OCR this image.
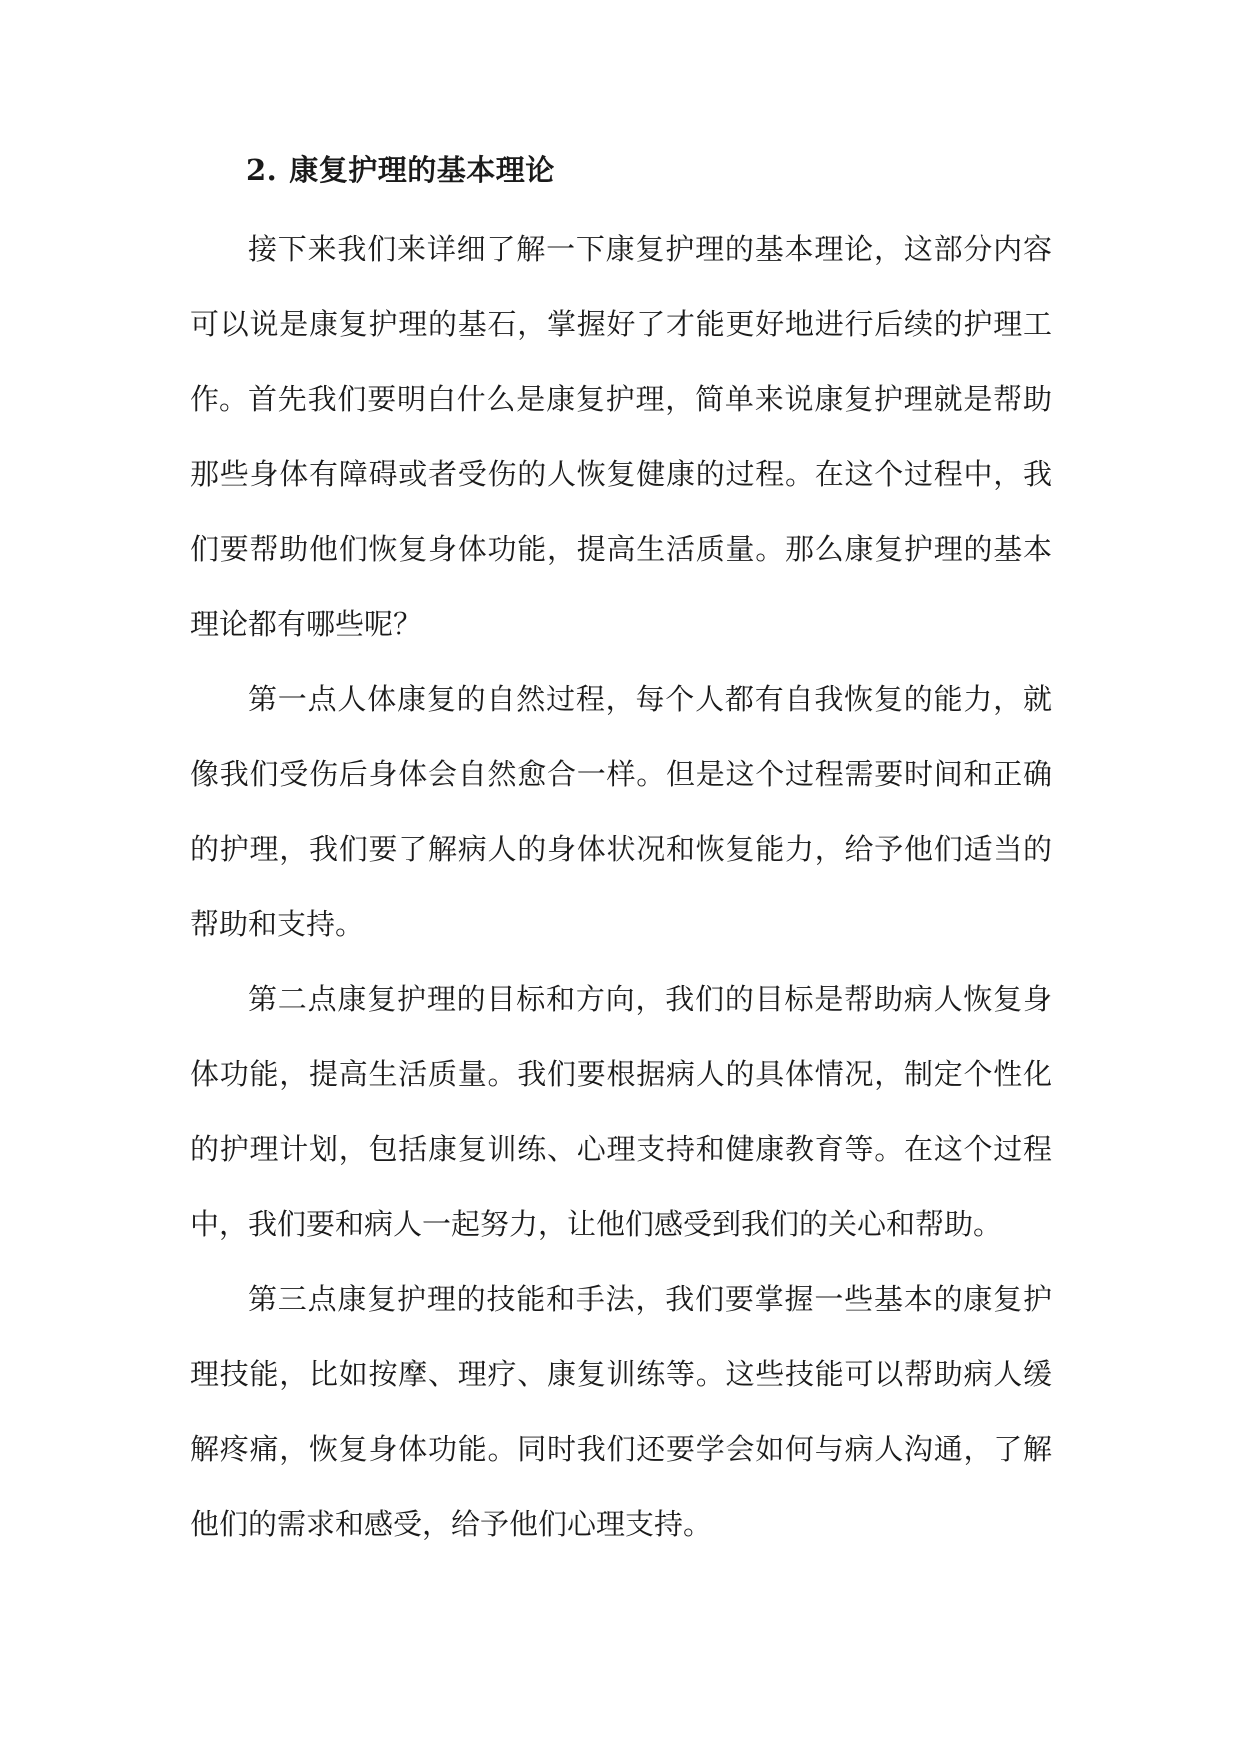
2. 康复护理的基本理论

接下来我们来详细了解一下康复护理的基本理论，这部分内容可以说是康复护理的基石，掌握好了才能更好地进行后续的护理工作。 首先我们要明白什么是康复护理，简单来说康复护理就是帮助那些身体有障碍或者受伤的人恢复健康的过程。在这个过程中，我们要帮助他们恢复身体功能，提高生活质量。那么康复护理的基本理论都有哪些呢？

第一点人体康复的自然过程，每个人都有自我恢复的能力，就像我们受伤后身体会自然愈合一样。但是这个过程需要时间和正确的护理，我们要了解病人的身体状况和恢复能力，给予他们适当的帮助和支持。

第二点康复护理的目标和方向，我们的目标是帮助病人恢复身体功能，提高生活质量。我们要根据病人的具体情况，制定个性化的护理计划，包括康复训练、心理支持和健康教育等。在这个过程中，我们要和病人一起努力，让他们感受到我们的关心和帮助。

第三点康复护理的技能和手法，我们要掌握一些基本的康复护理技能，比如按摩、理疗、康复训练等。这些技能可以帮助病人缓解疼痛，恢复身体功能。同时我们还要学会如何与病人沟通，了解他们的需求和感受，给予他们心理支持。
